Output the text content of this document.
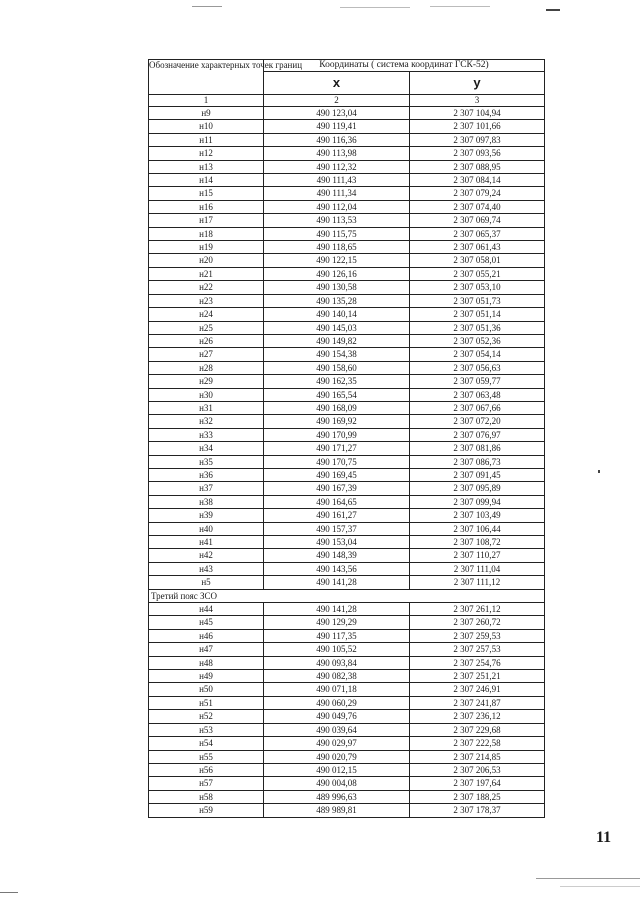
Обозначение характерных точек границ	Координаты ( система координат ГСК-52)	
	x	y
1	2	3
н9	490 123,04	2 307 104,94
н10	490 119,41	2 307 101,66
н11	490 116,36	2 307 097,83
н12	490 113,98	2 307 093,56
н13	490 112,32	2 307 088,95
н14	490 111,43	2 307 084,14
н15	490 111,34	2 307 079,24
н16	490 112,04	2 307 074,40
н17	490 113,53	2 307 069,74
н18	490 115,75	2 307 065,37
н19	490 118,65	2 307 061,43
н20	490 122,15	2 307 058,01
н21	490 126,16	2 307 055,21
н22	490 130,58	2 307 053,10
н23	490 135,28	2 307 051,73
н24	490 140,14	2 307 051,14
н25	490 145,03	2 307 051,36
н26	490 149,82	2 307 052,36
н27	490 154,38	2 307 054,14
н28	490 158,60	2 307 056,63
н29	490 162,35	2 307 059,77
н30	490 165,54	2 307 063,48
н31	490 168,09	2 307 067,66
н32	490 169,92	2 307 072,20
н33	490 170,99	2 307 076,97
н34	490 171,27	2 307 081,86
н35	490 170,75	2 307 086,73
н36	490 169,45	2 307 091,45
н37	490 167,39	2 307 095,89
н38	490 164,65	2 307 099,94
н39	490 161,27	2 307 103,49
н40	490 157,37	2 307 106,44
н41	490 153,04	2 307 108,72
н42	490 148,39	2 307 110,27
н43	490 143,56	2 307 111,04
н5	490 141,28	2 307 111,12
Третий пояс ЗСО		
н44	490 141,28	2 307 261,12
н45	490 129,29	2 307 260,72
н46	490 117,35	2 307 259,53
н47	490 105,52	2 307 257,53
н48	490 093,84	2 307 254,76
н49	490 082,38	2 307 251,21
н50	490 071,18	2 307 246,91
н51	490 060,29	2 307 241,87
н52	490 049,76	2 307 236,12
н53	490 039,64	2 307 229,68
н54	490 029,97	2 307 222,58
н55	490 020,79	2 307 214,85
н56	490 012,15	2 307 206,53
н57	490 004,08	2 307 197,64
н58	489 996,63	2 307 188,25
н59	489 989,81	2 307 178,37
11
